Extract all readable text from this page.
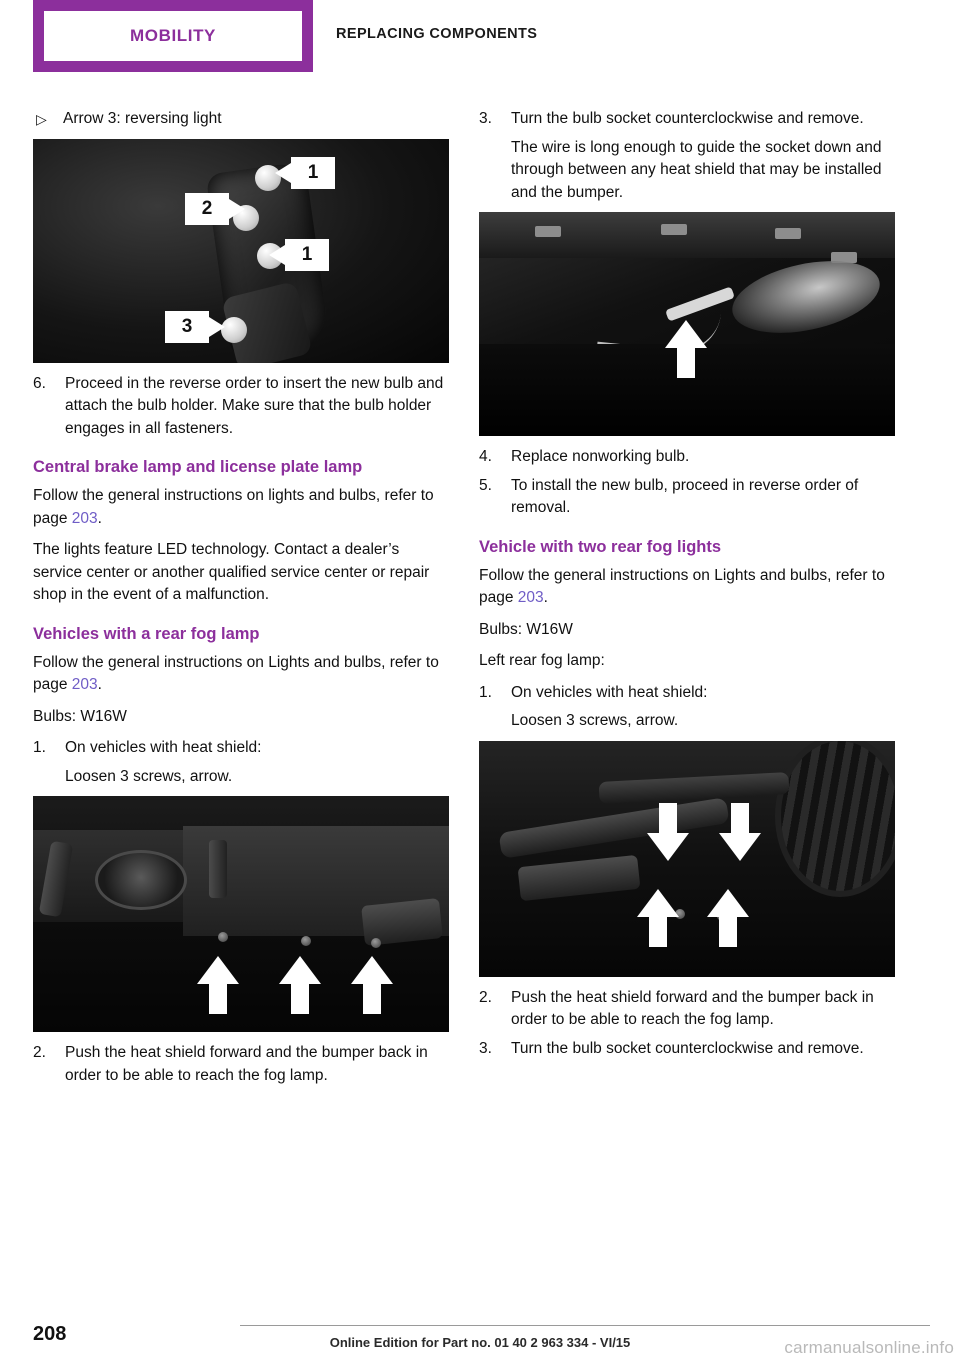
MOBILITY	REPLACING COMPONENTS
▷	Arrow 3: reversing light
1
2
1
3
6.	Proceed in the reverse order to insert the new bulb and attach the bulb holder. Make sure that the bulb holder engages in all fasteners.
Central brake lamp and license plate lamp

Follow the general instructions on lights and bulbs, refer to page 203.

The lights feature LED technology. Contact a dealer’s service center or another qualified service center or repair shop in the event of a malfunction.

Vehicles with a rear fog lamp

Follow the general instructions on Lights and bulbs, refer to page 203.

Bulbs: W16W

1.	On vehicles with heat shield:
Loosen 3 screws, arrow.
2.	Push the heat shield forward and the bumper back in order to be able to reach the fog lamp.
3.	Turn the bulb socket counterclockwise and remove.
The wire is long enough to guide the socket down and through between any heat shield that may be installed and the bumper.
4.	Replace nonworking bulb.
5.	To install the new bulb, proceed in reverse order of removal.
Vehicle with two rear fog lights

Follow the general instructions on Lights and bulbs, refer to page 203.

Bulbs: W16W

Left rear fog lamp:

1.	On vehicles with heat shield:
Loosen 3 screws, arrow.
2.	Push the heat shield forward and the bumper back in order to be able to reach the fog lamp.
3.	Turn the bulb socket counterclockwise and remove.
208	Online Edition for Part no. 01 40 2 963 334 - VI/15	carmanualsonline.info
